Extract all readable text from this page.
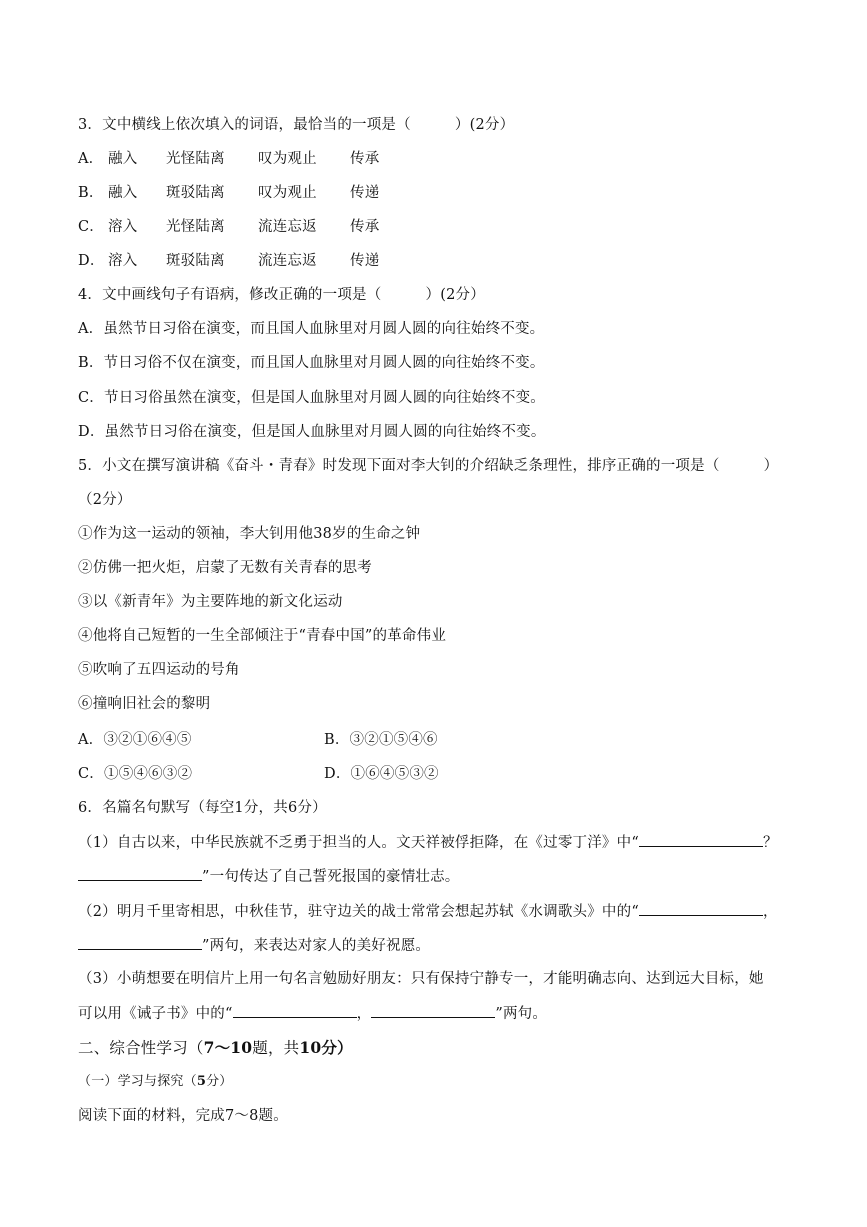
3．文中横线上依次填入的词语，最恰当的一项是（　　　）(2分）
A． 融入 光怪陆离 叹为观止 传承
B． 融入 斑驳陆离 叹为观止 传递
C． 溶入 光怪陆离 流连忘返 传承
D． 溶入 斑驳陆离 流连忘返 传递
4．文中画线句子有语病，修改正确的一项是（　　　）(2分）
A．虽然节日习俗在演变，而且国人血脉里对月圆人圆的向往始终不变。
B．节日习俗不仅在演变，而且国人血脉里对月圆人圆的向往始终不变。
C．节日习俗虽然在演变，但是国人血脉里对月圆人圆的向往始终不变。
D．虽然节日习俗在演变，但是国人血脉里对月圆人圆的向往始终不变。
5．小文在撰写演讲稿《奋斗・青春》时发现下面对李大钊的介绍缺乏条理性，排序正确的一项是（　　　）
（2分）
①作为这一运动的领袖，李大钊用他38岁的生命之钟
②仿佛一把火炬，启蒙了无数有关青春的思考
③以《新青年》为主要阵地的新文化运动
④他将自己短暂的一生全部倾注于“青春中国”的革命伟业
⑤吹响了五四运动的号角
⑥撞响旧社会的黎明
A．③②①⑥④⑤	B．③②①⑤④⑥
C．①⑤④⑥③②	D．①⑥④⑤③②
6．名篇名句默写（每空1分，共6分）
（1）自古以来，中华民族就不乏勇于担当的人。文天祥被俘拒降，在《过零丁洋》中“	？
”一句传达了自己誓死报国的豪情壮志。
（2）明月千里寄相思，中秋佳节，驻守边关的战士常常会想起苏轼《水调歌头》中的“	，
”两句，来表达对家人的美好祝愿。
（3）小萌想要在明信片上用一句名言勉励好朋友：只有保持宁静专一，才能明确志向、达到远大目标，她
可以用《诫子书》中的“	，	”两句。
二、综合性学习（7～10题，共10分）
（一）学习与探究（5分）
阅读下面的材料，完成7～8题。
